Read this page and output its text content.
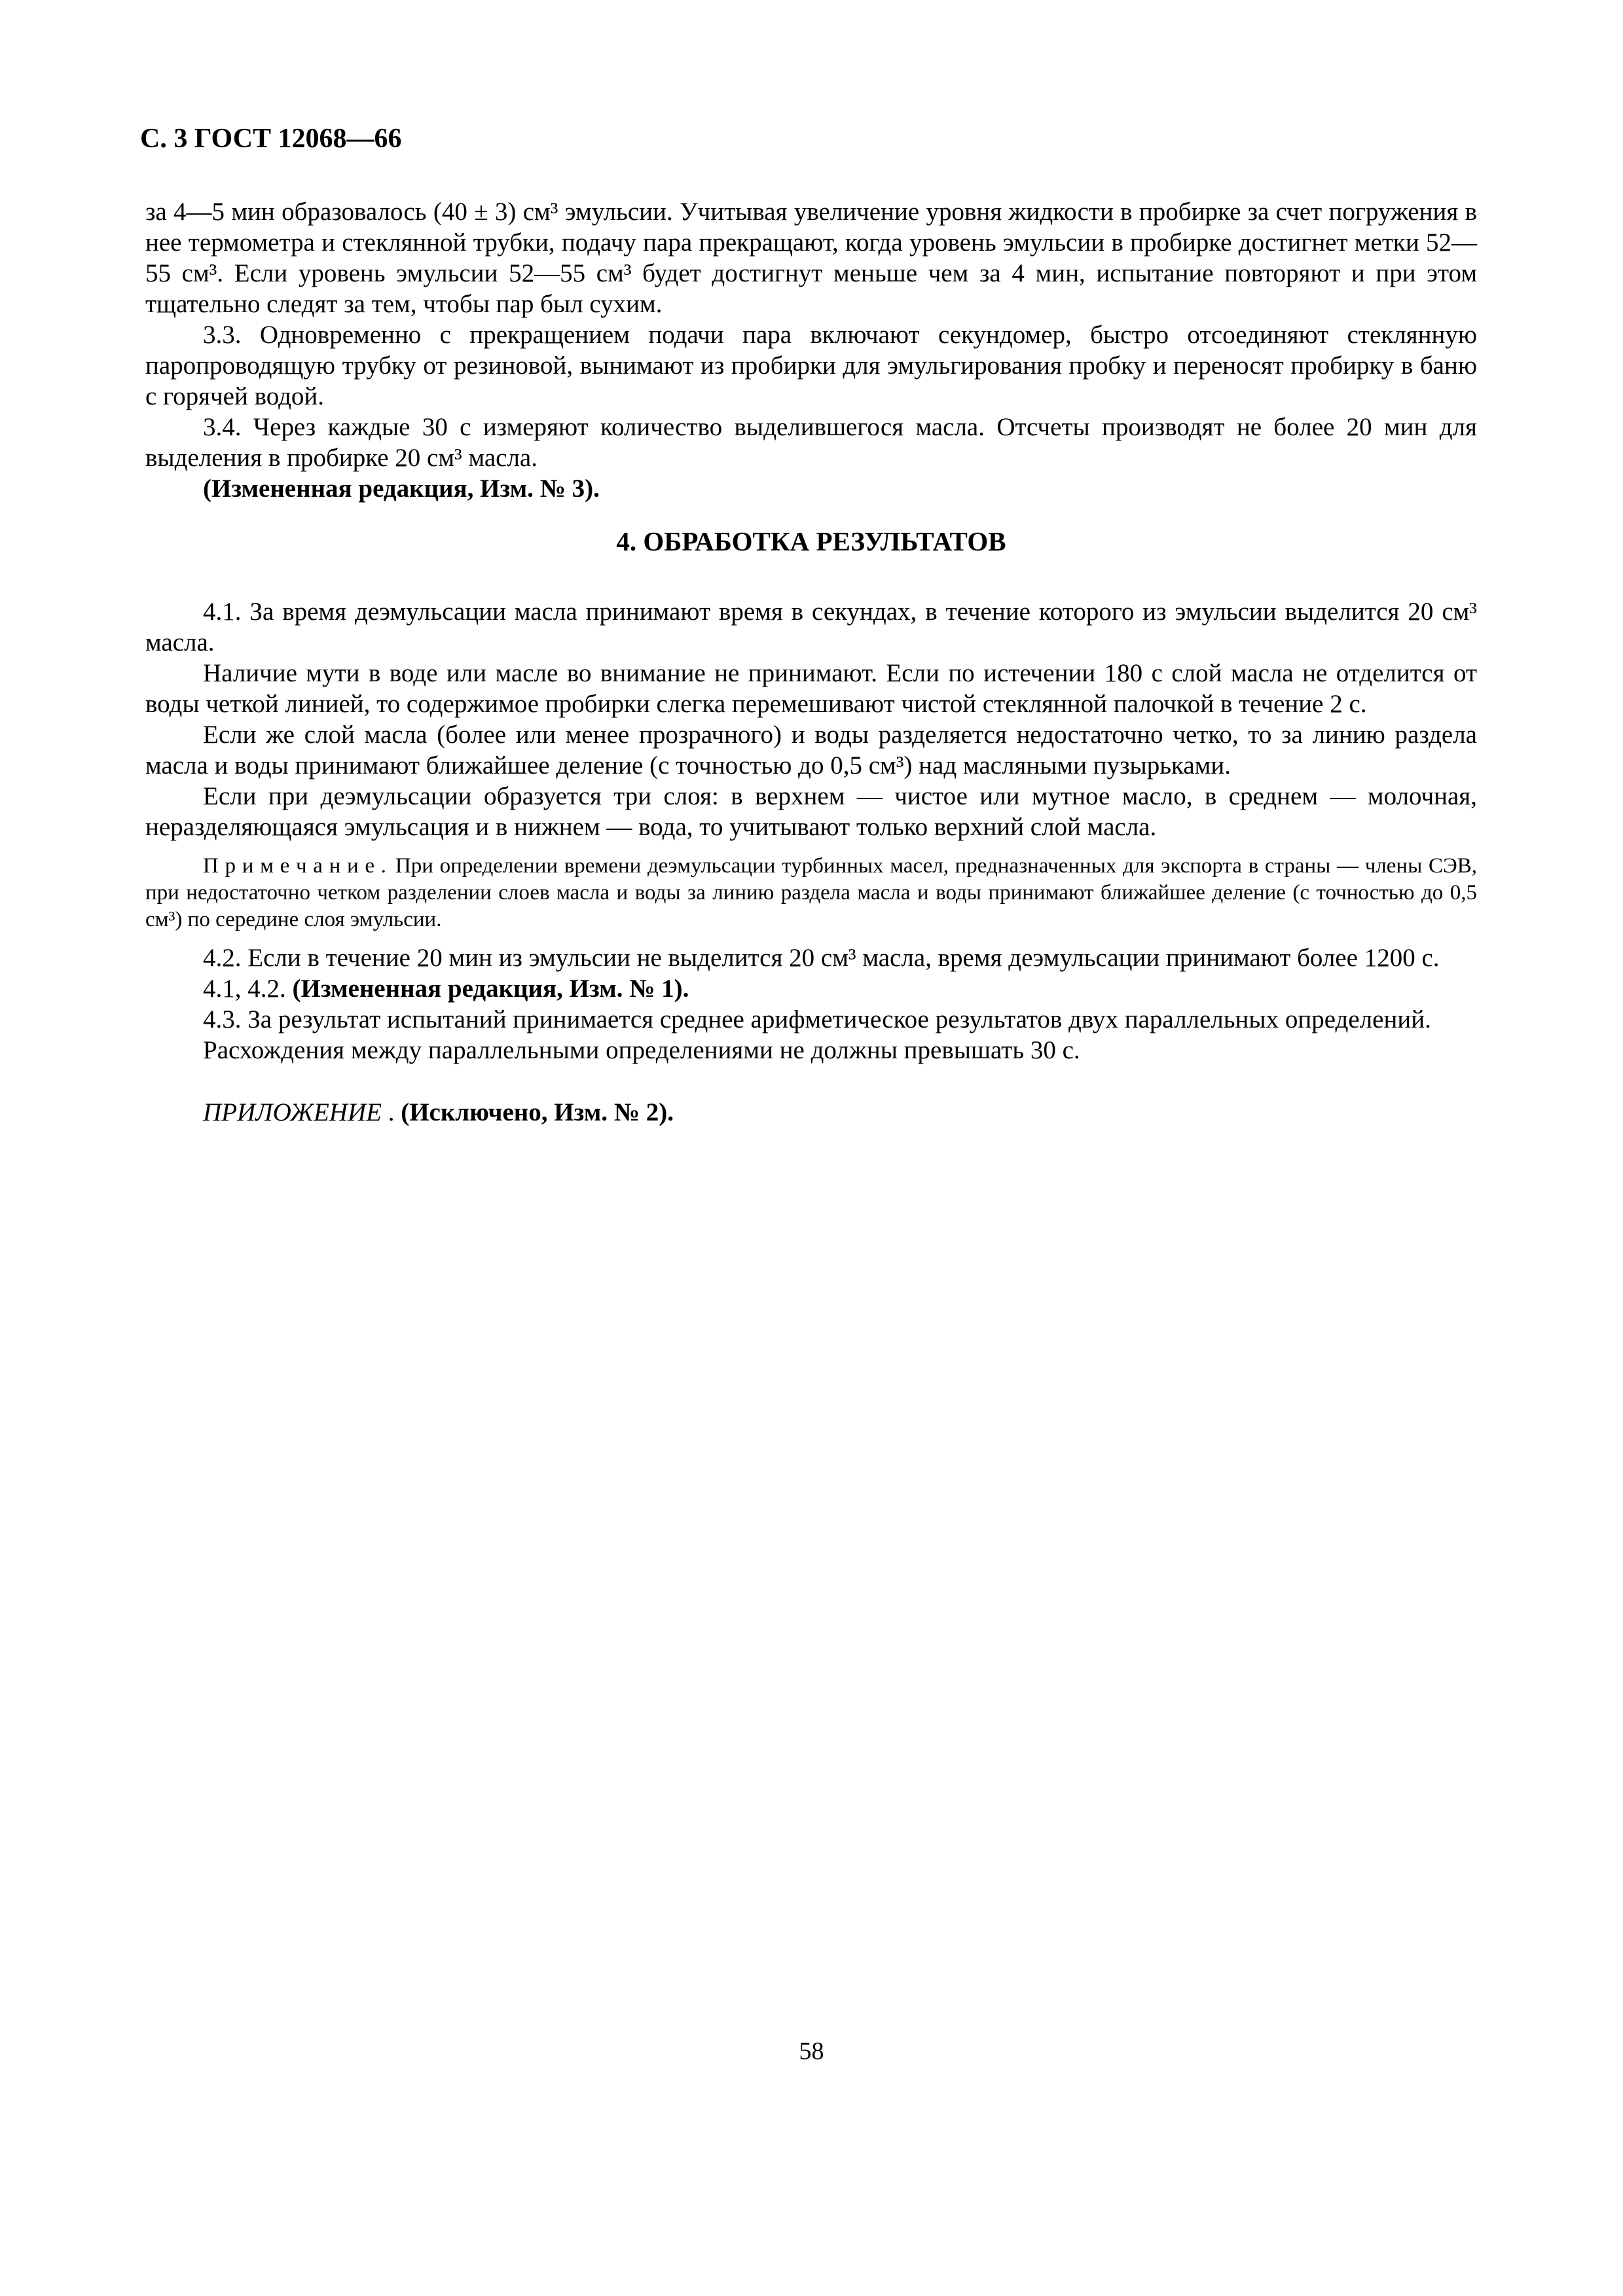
С. 3 ГОСТ 12068—66

за 4—5 мин образовалось (40 ± 3) см³ эмульсии. Учитывая увеличение уровня жидкости в пробирке за счет погружения в нее термометра и стеклянной трубки, подачу пара прекращают, когда уровень эмульсии в пробирке достигнет метки 52—55 см³. Если уровень эмульсии 52—55 см³ будет достигнут меньше чем за 4 мин, испытание повторяют и при этом тщательно следят за тем, чтобы пар был сухим.

3.3. Одновременно с прекращением подачи пара включают секундомер, быстро отсоединяют стеклянную паропроводящую трубку от резиновой, вынимают из пробирки для эмульгирования пробку и переносят пробирку в баню с горячей водой.

3.4. Через каждые 30 с измеряют количество выделившегося масла. Отсчеты производят не более 20 мин для выделения в пробирке 20 см³ масла.

(Измененная редакция, Изм. № 3).

4. ОБРАБОТКА РЕЗУЛЬТАТОВ

4.1. За время деэмульсации масла принимают время в секундах, в течение которого из эмульсии выделится 20 см³ масла.

Наличие мути в воде или масле во внимание не принимают. Если по истечении 180 с слой масла не отделится от воды четкой линией, то содержимое пробирки слегка перемешивают чистой стеклянной палочкой в течение 2 с.

Если же слой масла (более или менее прозрачного) и воды разделяется недостаточно четко, то за линию раздела масла и воды принимают ближайшее деление (с точностью до 0,5 см³) над масляными пузырьками.

Если при деэмульсации образуется три слоя: в верхнем — чистое или мутное масло, в среднем — молочная, неразделяющаяся эмульсация и в нижнем — вода, то учитывают только верхний слой масла.

П р и м е ч а н и е . При определении времени деэмульсации турбинных масел, предназначенных для экспорта в страны — члены СЭВ, при недостаточно четком разделении слоев масла и воды за линию раздела масла и воды принимают ближайшее деление (с точностью до 0,5 см³) по середине слоя эмульсии.

4.2. Если в течение 20 мин из эмульсии не выделится 20 см³ масла, время деэмульсации принимают более 1200 с.

4.1, 4.2. (Измененная редакция, Изм. № 1).

4.3. За результат испытаний принимается среднее арифметическое результатов двух параллельных определений.

Расхождения между параллельными определениями не должны превышать 30 с.

ПРИЛОЖЕНИЕ . (Исключено, Изм. № 2).

58
